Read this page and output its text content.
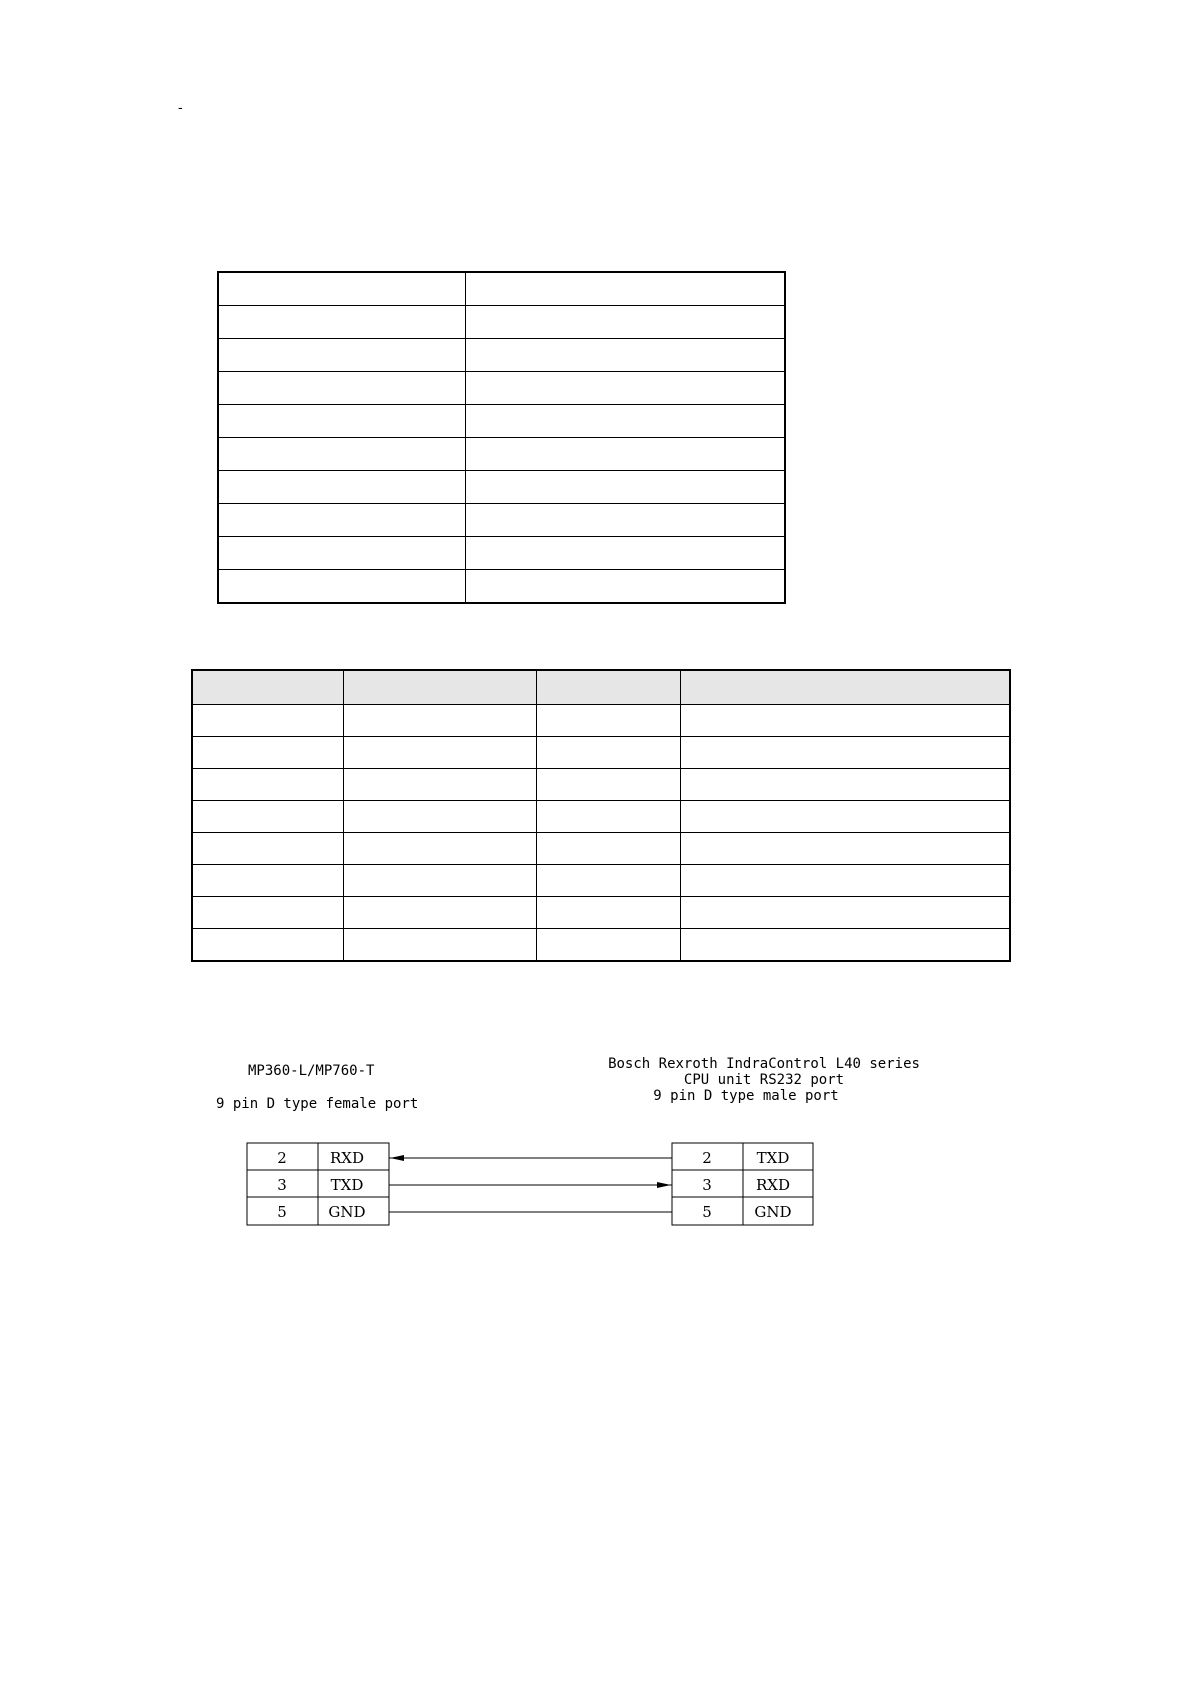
-

MP360-L/MP760-T
9 pin D type female port
Bosch Rexroth IndraControl L40 series
CPU unit RS232 port
9 pin D type male port
2	RXD
3	TXD
5	GND
2	TXD
3	RXD
5	GND
